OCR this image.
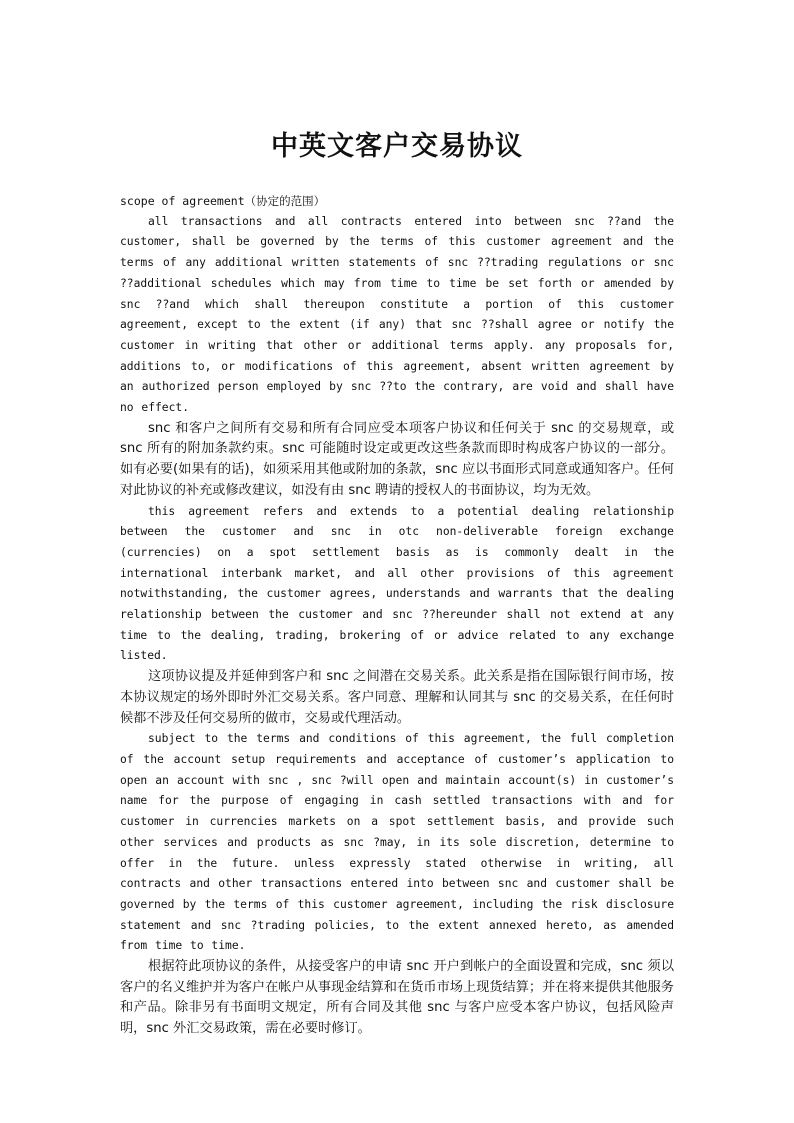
中英文客户交易协议

scope of agreement（协定的范围）

all transactions and all contracts entered into between snc ??and the customer, shall be governed by the terms of this customer agreement and the terms of any additional written statements of snc ??trading regulations or snc ??additional schedules which may from time to time be set forth or amended by snc ??and which shall thereupon constitute a portion of this customer agreement, except to the extent (if any) that snc ??shall agree or notify the customer in writing that other or additional terms apply. any proposals for, additions to, or modifications of this agreement, absent written agreement by an authorized person employed by snc ??to the contrary, are void and shall have no effect.

snc 和客户之间所有交易和所有合同应受本项客户协议和任何关于 snc 的交易规章，或 snc 所有的附加条款约束。snc 可能随时设定或更改这些条款而即时构成客户协议的一部分。如有必要(如果有的话)，如须采用其他或附加的条款，snc 应以书面形式同意或通知客户。任何对此协议的补充或修改建议，如没有由 snc 聘请的授权人的书面协议，均为无效。

this agreement refers and extends to a potential dealing relationship between the customer and snc in otc non-deliverable foreign exchange (currencies) on a spot settlement basis as is commonly dealt in the international interbank market, and all other provisions of this agreement notwithstanding, the customer agrees, understands and warrants that the dealing relationship between the customer and snc ??hereunder shall not extend at any time to the dealing, trading, brokering of or advice related to any exchange listed.

这项协议提及并延伸到客户和 snc 之间潜在交易关系。此关系是指在国际银行间市场，按本协议规定的场外即时外汇交易关系。客户同意、理解和认同其与 snc 的交易关系，在任何时候都不涉及任何交易所的做市，交易或代理活动。

subject to the terms and conditions of this agreement, the full completion of the account setup requirements and acceptance of customer’s application to open an account with snc , snc ?will open and maintain account(s) in customer’s name for the purpose of engaging in cash settled transactions with and for customer in currencies markets on a spot settlement basis, and provide such other services and products as snc ?may, in its sole discretion, determine to offer in the future. unless expressly stated otherwise in writing, all contracts and other transactions entered into between snc and customer shall be governed by the terms of this customer agreement, including the risk disclosure statement and snc ?trading policies, to the extent annexed hereto, as amended from time to time.

根据符此项协议的条件，从接受客户的申请 snc 开户到帐户的全面设置和完成，snc 须以客户的名义维护并为客户在帐户从事现金结算和在货币市场上现货结算；并在将来提供其他服务和产品。除非另有书面明文规定，所有合同及其他 snc 与客户应受本客户协议，包括风险声明，snc 外汇交易政策，需在必要时修订。
